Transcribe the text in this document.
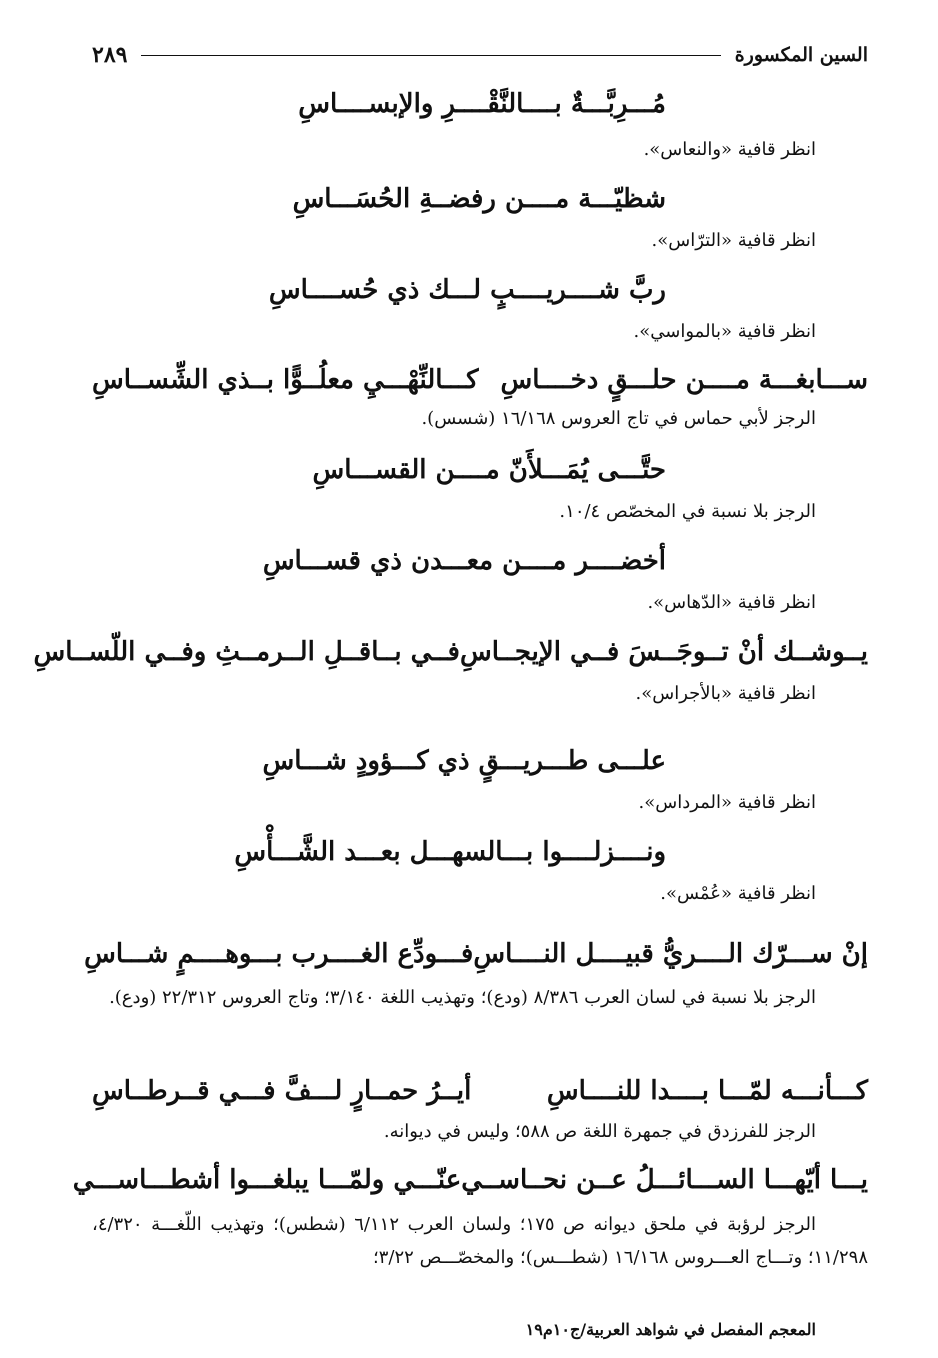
السين المكسورة
٢٨٩
مُـــرِبَّـــةٌ بــــالنَّقْــــرِ والإبســــاسِ
انظر قافية «والنعاس».
شظيّـــة مــــن رفضــةِ الحُسَـــاسِ
انظر قافية «الترّاس».
ربَّ شــــريــــبٍ لـــك ذي حُســــاسِ
انظر قافية «بالمواسي».
ســـابغـــة مــــن حلـــقٍ دخــــاسِ
كـــالنِّهْـــيِ معلُــوًّا بــذي الشِّســاسِ
الرجز لأبي حماس في تاج العروس ١٦/١٦٨ (شسس).
حتَّـــى يُمَـــلأَنّ مــــن القســـاسِ
الرجز بلا نسبة في المخصّص ١٠/٤.
أخضــــر مــــن معـــدن ذي قســـاسِ
انظر قافية «الدّهاس».
يــوشــك أنْ تــوجَــسَ فــي الإيجــاسِ
فــي بــاقــلِ الــرمــثِ وفــي اللّســاسِ
انظر قافية «بالأجراس».
علـــى طـــريـــقٍ ذي كـــؤودٍ شـــاسِ
انظر قافية «المرداس».
ونــــزلــــوا بـــالسهـــل بعـــد الشَّـــأْسِ
انظر قافية «عُمْس».
إنْ ســـرّك الــــريُّ قبيــــل النــــاسِ
فـــودِّع الغــــرب بـــوهــــمٍ شـــاسِ
الرجز بلا نسبة في لسان العرب ٨/٣٨٦ (ودع)؛ وتهذيب اللغة ٣/١٤٠؛ وتاج العروس ٢٢/٣١٢ (ودع).
كـــأنـــه لمّـــا بــــدا للنــــاسِ
أيــرُ حمــارٍ لـــفَّ فـــي قــرطــاسِ
الرجز للفرزدق في جمهرة اللغة ص ٥٨٨؛ وليس في ديوانه.
يـــا أيّهـــا الســـائـــلُ عــن نحــاســي
عنّـــي ولمّـــا يبلغـــوا أشطـــاســـي
الرجز لرؤبة في ملحق ديوانه ص ١٧٥؛ ولسان العرب ٦/١١٢ (شطس)؛ وتهذيب اللّغـــة ٤/٣٢٠، ١١/٢٩٨؛ وتـــاج العـــروس ١٦/١٦٨ (شطـــس)؛ والمخصّـــص ٣/٢٢؛
المعجم المفصل في شواهد العربية/ج١٠م١٩
